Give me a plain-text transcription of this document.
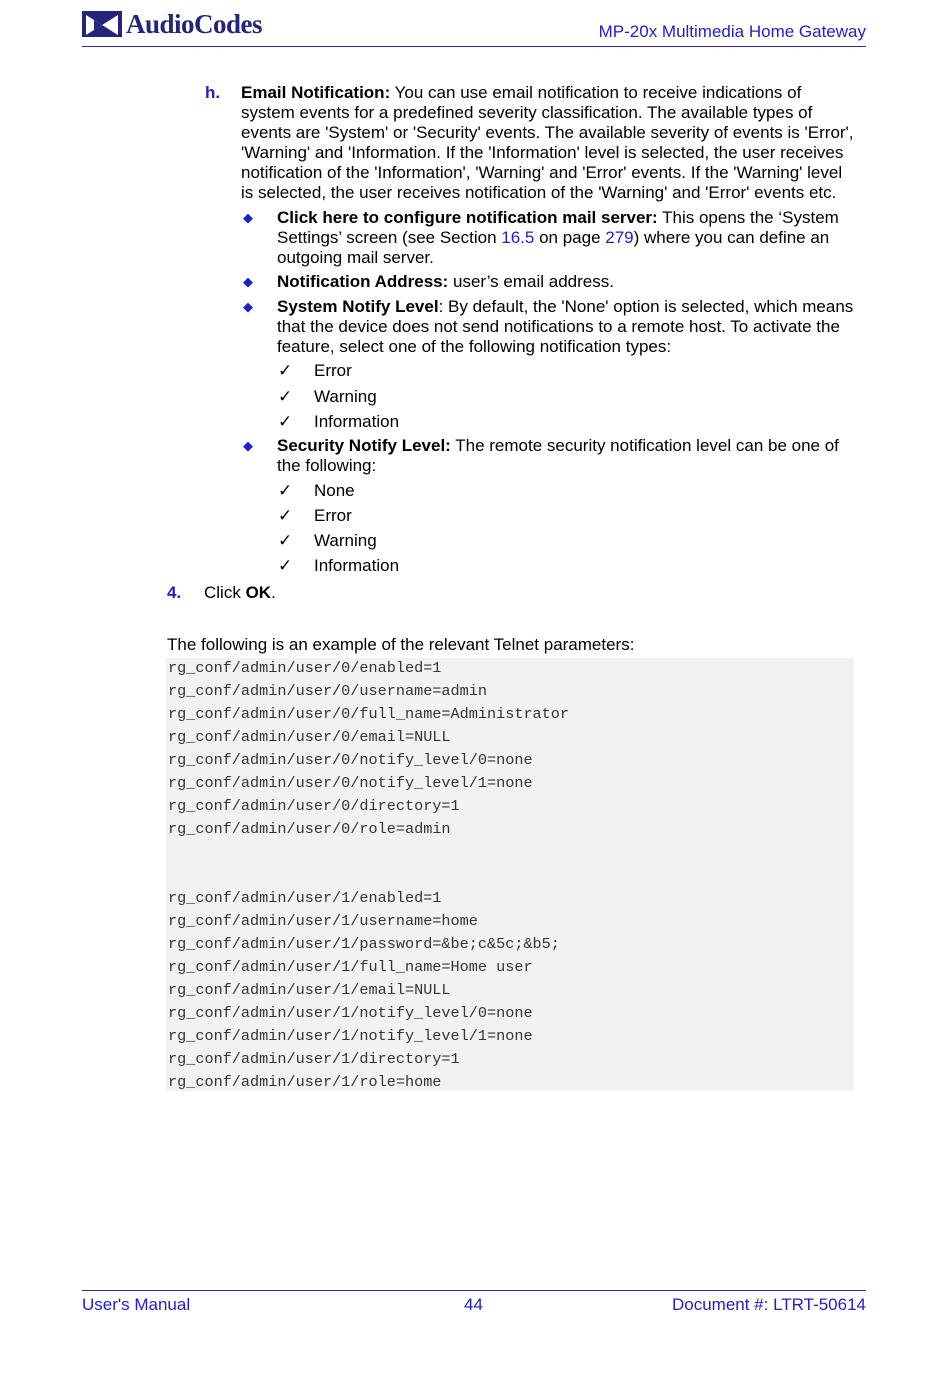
AudioCodes	MP-20x Multimedia Home Gateway
h. Email Notification: You can use email notification to receive indications of
system events for a predefined severity classification. The available types of
events are 'System' or 'Security' events. The available severity of events is 'Error',
'Warning' and 'Information. If the 'Information' level is selected, the user receives
notification of the 'Information', 'Warning' and 'Error' events. If the 'Warning' level
is selected, the user receives notification of the 'Warning' and 'Error' events etc.
◆ Click here to configure notification mail server: This opens the ‘System
Settings’ screen (see Section 16.5 on page 279) where you can define an
outgoing mail server.
◆ Notification Address: user’s email address.
◆ System Notify Level: By default, the 'None' option is selected, which means
that the device does not send notifications to a remote host. To activate the
feature, select one of the following notification types:
✓ Error
✓ Warning
✓ Information
◆ Security Notify Level: The remote security notification level can be one of
the following:
✓ None
✓ Error
✓ Warning
✓ Information
4. Click OK.
The following is an example of the relevant Telnet parameters:
rg_conf/admin/user/0/enabled=1
rg_conf/admin/user/0/username=admin
rg_conf/admin/user/0/full_name=Administrator
rg_conf/admin/user/0/email=NULL
rg_conf/admin/user/0/notify_level/0=none
rg_conf/admin/user/0/notify_level/1=none
rg_conf/admin/user/0/directory=1
rg_conf/admin/user/0/role=admin
rg_conf/admin/user/1/enabled=1
rg_conf/admin/user/1/username=home
rg_conf/admin/user/1/password=&be;c&5c;&b5;
rg_conf/admin/user/1/full_name=Home user
rg_conf/admin/user/1/email=NULL
rg_conf/admin/user/1/notify_level/0=none
rg_conf/admin/user/1/notify_level/1=none
rg_conf/admin/user/1/directory=1
rg_conf/admin/user/1/role=home
User's Manual	44	Document #: LTRT-50614
